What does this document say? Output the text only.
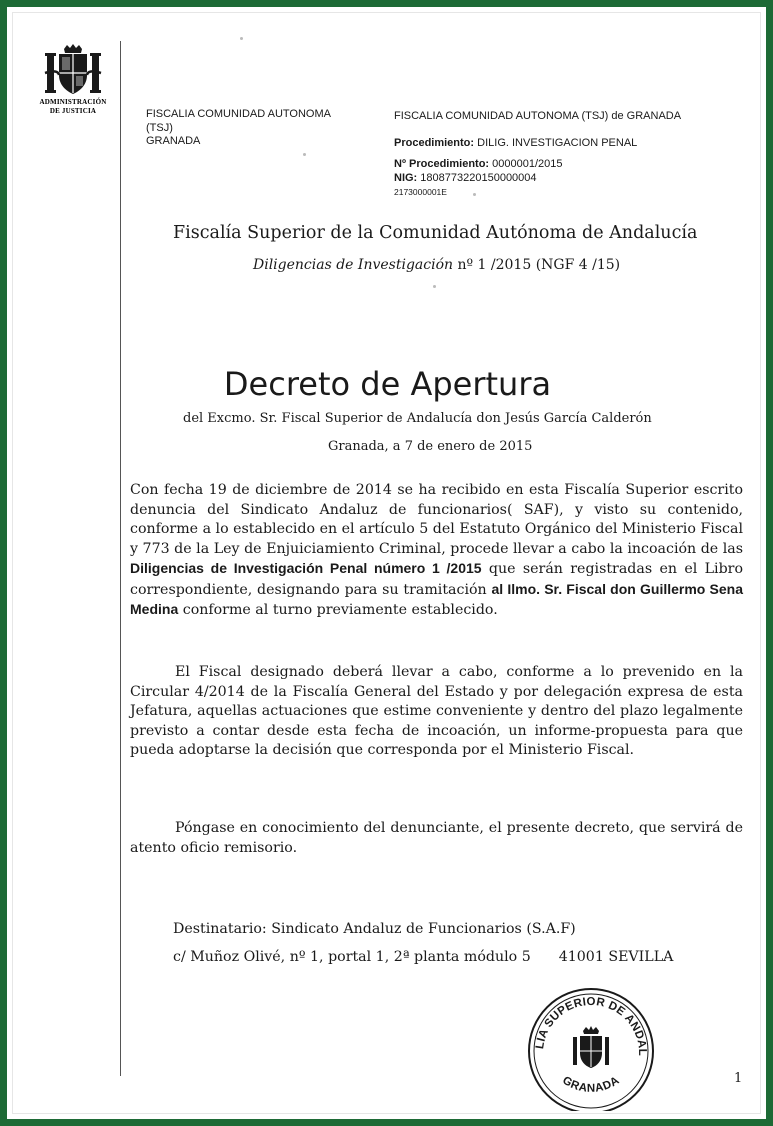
ADMINISTRACIÓN
DE JUSTICIA	FISCALIA COMUNIDAD AUTONOMA
(TSJ)
GRANADA
FISCALIA COMUNIDAD AUTONOMA (TSJ) de GRANADA
Procedimiento: DILIG. INVESTIGACION PENAL
Nº Procedimiento: 0000001/2015
NIG: 1808773220150000004
2173000001E
Fiscalía Superior de la Comunidad Autónoma de Andalucía
Diligencias de Investigación nº 1 /2015 (NGF 4 /15)
Decreto de Apertura
del Excmo. Sr. Fiscal Superior de Andalucía don Jesús García Calderón
Granada, a 7 de enero de 2015
Con fecha 19 de diciembre de 2014 se ha recibido en esta Fiscalía Superior escrito denuncia del Sindicato Andaluz de funcionarios( SAF), y visto su contenido, conforme a lo establecido en el artículo 5 del Estatuto Orgánico del Ministerio Fiscal y 773 de la Ley de Enjuiciamiento Criminal, procede llevar a cabo la incoación de las Diligencias de Investigación Penal número 1 /2015 que serán registradas en el Libro correspondiente, designando para su tramitación al Ilmo. Sr. Fiscal don Guillermo Sena Medina conforme al turno previamente establecido.
El Fiscal designado deberá llevar a cabo, conforme a lo prevenido en la Circular 4/2014 de la Fiscalía General del Estado y por delegación expresa de esta Jefatura, aquellas actuaciones que estime conveniente y dentro del plazo legalmente previsto a contar desde esta fecha de incoación, un informe-propuesta para que pueda adoptarse la decisión que corresponda por el Ministerio Fiscal.
Póngase en conocimiento del denunciante, el presente decreto, que servirá de atento oficio remisorio.
Destinatario: Sindicato Andaluz de Funcionarios (S.A.F)
c/ Muñoz Olivé, nº 1, portal 1, 2ª planta módulo 5 41001 SEVILLA
LÍA SUPERIOR DE ANDAL
GRANADA	1
